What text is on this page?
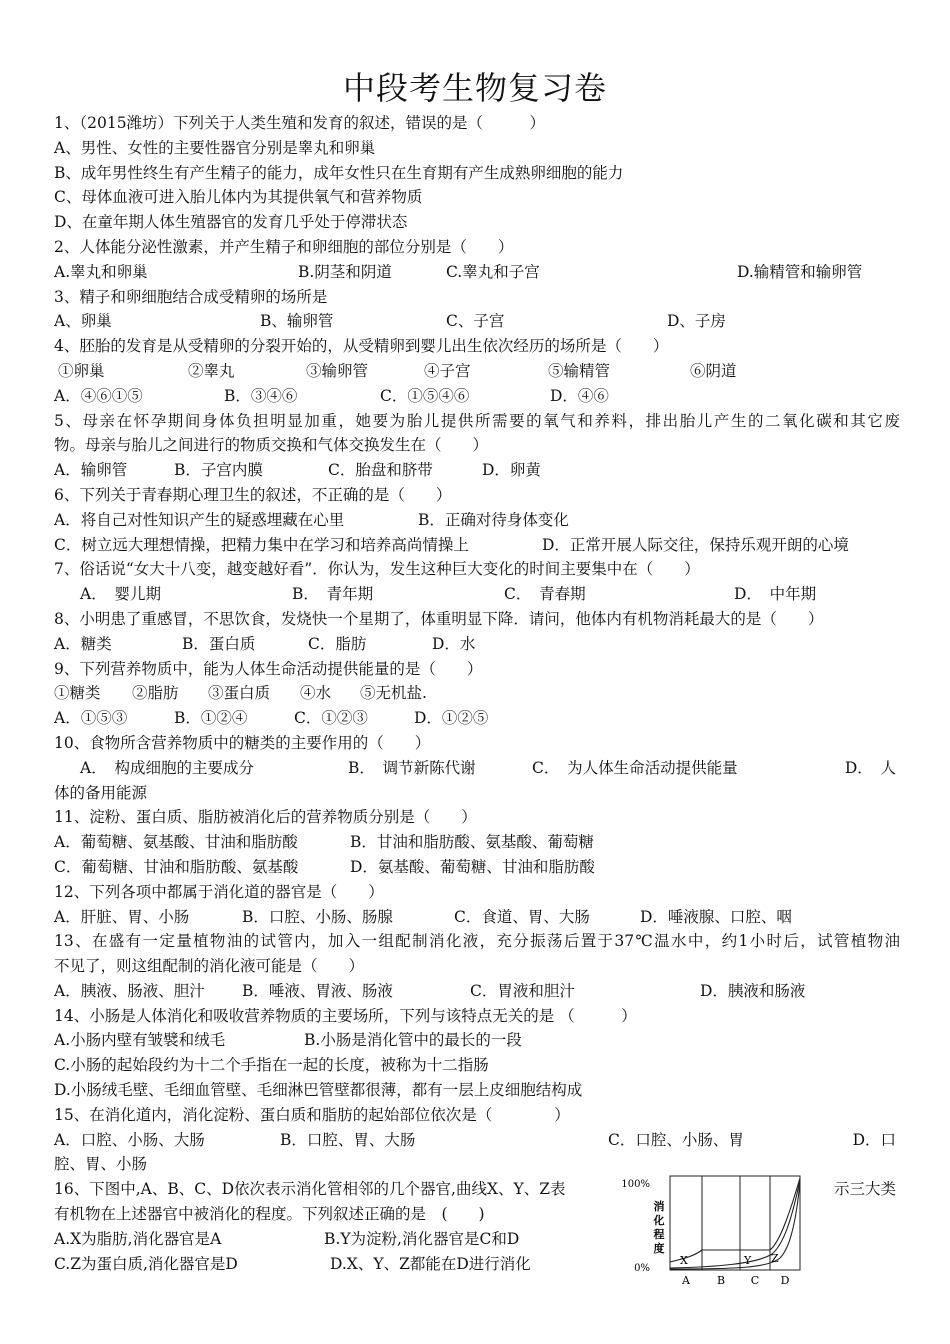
中段考生物复习卷
1、（2015潍坊）下列关于人类生殖和发育的叙述，错误的是（　　　）
A、男性、女性的主要性器官分别是睾丸和卵巢
B、成年男性终生有产生精子的能力，成年女性只在生育期有产生成熟卵细胞的能力
C、母体血液可进入胎儿体内为其提供氧气和营养物质
D、在童年期人体生殖器官的发育几乎处于停滞状态
2、人体能分泌性激素，并产生精子和卵细胞的部位分别是（　　）
A.睾丸和卵巢	B.阴茎和阴道	C.睾丸和子宫	D.输精管和输卵管
3、精子和卵细胞结合成受精卵的场所是
A、卵巢	B、输卵管	C、子宫	D、子房
4、胚胎的发育是从受精卵的分裂开始的，从受精卵到婴儿出生依次经历的场所是（　　）
①卵巢	②睾丸	③输卵管	④子宫	⑤输精管	⑥阴道
A．④⑥①⑤	B．③④⑥	C．①⑤④⑥	D．④⑥
5、母亲在怀孕期间身体负担明显加重，她要为胎儿提供所需要的氧气和养料，排出胎儿产生的二氧化碳和其它废
物。母亲与胎儿之间进行的物质交换和气体交换发生在（　　）
A．输卵管	B．子宫内膜	C．胎盘和脐带	D．卵黄
6、下列关于青春期心理卫生的叙述，不正确的是（　　）
A．将自己对性知识产生的疑惑埋藏在心里	B．正确对待身体变化
C．树立远大理想情操，把精力集中在学习和培养高尚情操上	D．正常开展人际交往，保持乐观开朗的心境
7、俗话说“女大十八变，越变越好看”．你认为，发生这种巨大变化的时间主要集中在（　　）
A．　婴儿期	B．　青年期	C．　青春期	D．　中年期
8、小明患了重感冒，不思饮食，发烧快一个星期了，体重明显下降．请问，他体内有机物消耗最大的是（　　）
A．糖类	B．蛋白质	C．脂肪	D．水
9、下列营养物质中，能为人体生命活动提供能量的是（　　）
①糖类 ②脂肪 ③蛋白质 ④水 ⑤无机盐.
A．①⑤③	B．①②④	C．①②③	D．①②⑤
10、食物所含营养物质中的糖类的主要作用的（　　）
A．　构成细胞的主要成分	B．　调节新陈代谢	C．　为人体生命活动提供能量	D．　人
体的备用能源
11、淀粉、蛋白质、脂肪被消化后的营养物质分别是（　　）
A．葡萄糖、氨基酸、甘油和脂肪酸	B．甘油和脂肪酸、氨基酸、葡萄糖
C．葡萄糖、甘油和脂肪酸、氨基酸	D．氨基酸、葡萄糖、甘油和脂肪酸
12、下列各项中都属于消化道的器官是（　　）
A．肝脏、胃、小肠	B．口腔、小肠、肠腺	C．食道、胃、大肠	D．唾液腺、口腔、咽
13、在盛有一定量植物油的试管内，加入一组配制消化液，充分振荡后置于37℃温水中，约1小时后，试管植物油
不见了，则这组配制的消化液可能是（　　）
A．胰液、肠液、胆汁 B．唾液、胃液、肠液	C．胃液和胆汁	D．胰液和肠液
14、小肠是人体消化和吸收营养物质的主要场所，下列与该特点无关的是 （　　　）
A.小肠内壁有皱襞和绒毛	B.小肠是消化管中的最长的一段
C.小肠的起始段约为十二个手指在一起的长度，被称为十二指肠
D.小肠绒毛壁、毛细血管壁、毛细淋巴管壁都很薄，都有一层上皮细胞结构成
15、在消化道内，消化淀粉、蛋白质和脂肪的起始部位依次是（　　　　）
A．口腔、小肠、大肠	B．口腔、胃、大肠	C．口腔、小肠、胃	D．口
腔、胃、小肠
16、下图中,A、B、C、D依次表示消化管相邻的几个器官,曲线X、Y、Z表	示三大类
有机物在上述器官中被消化的程度。下列叙述正确的是　(　　)
A.X为脂肪,消化器官是A	B.Y为淀粉,消化器官是C和D
C.Z为蛋白质,消化器官是D	D.X、Y、Z都能在D进行消化
100%
0%
消
化
程
度
X	Y Z
A B C D
